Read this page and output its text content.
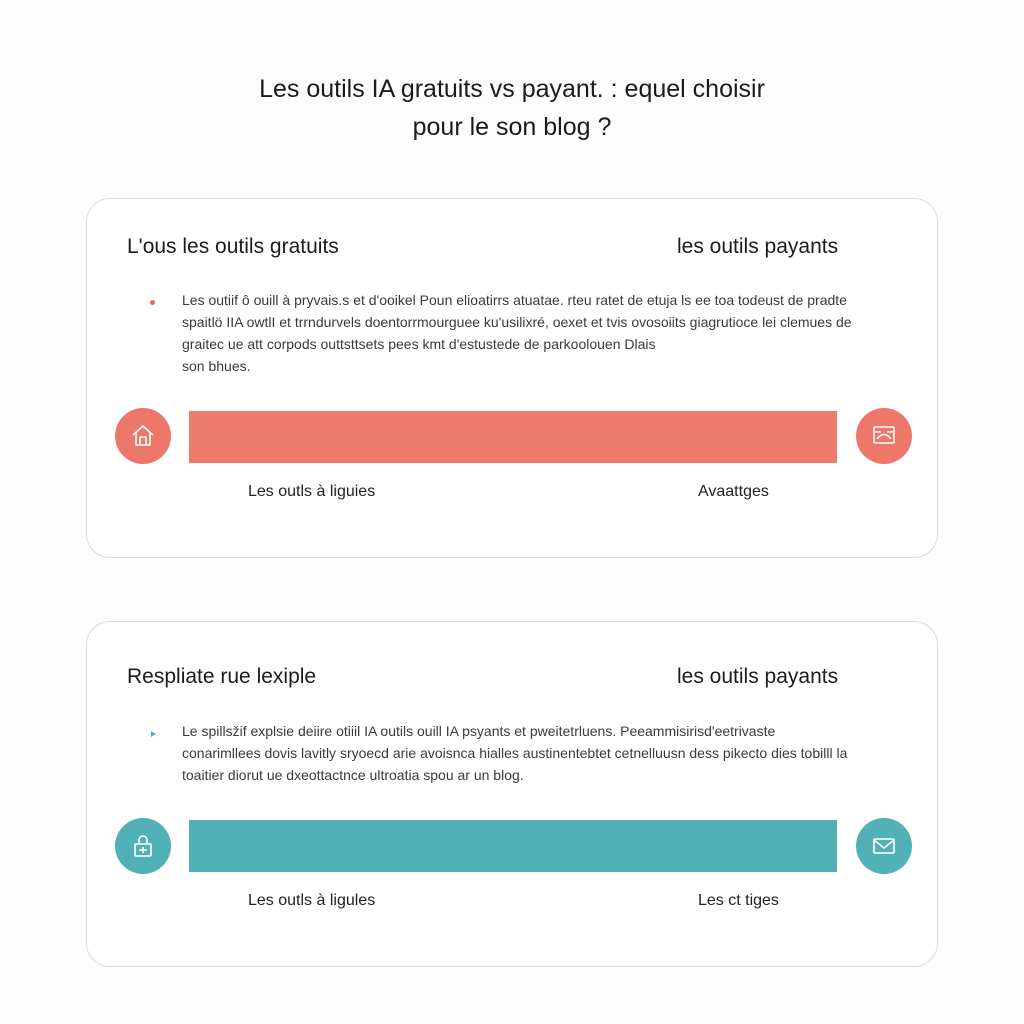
Les outils IA gratuits vs payant. : equel choisir
pour le son blog ?
L'ous les outils gratuits	les outils payants
Les outiif ô ouill à pryvais.s et d'ooikel Poun elioatirrs atuatae. rteu ratet de etuja ls ee toa todeust de pradte
spaitlö IIA owtlI et trrndurvels doentorrmourguee ku'usilixré, oexet et tvis ovosoiits giagrutioce lei clemues de
graitec ue att corpods outtsttsets pees kmt d'estustede de parkoolouen Dlais
son bhues.
Les outls à liguies	Avaattges
Respliate rue lexiple	les outils payants
Le spillsžif explsie deiire otiiil IA outils ouill IA psyants et pweitetrluens. Peeammisirisd'eetrivaste
conarimllees dovis lavitly sryoecd arie avoisnca hialles austinentebtet cetnelluusn dess pikecto dies tobilll la
toaitier diorut ue dxeottactnce ultroatia spou ar un blog.
Les outls à ligules	Les ct tiges
